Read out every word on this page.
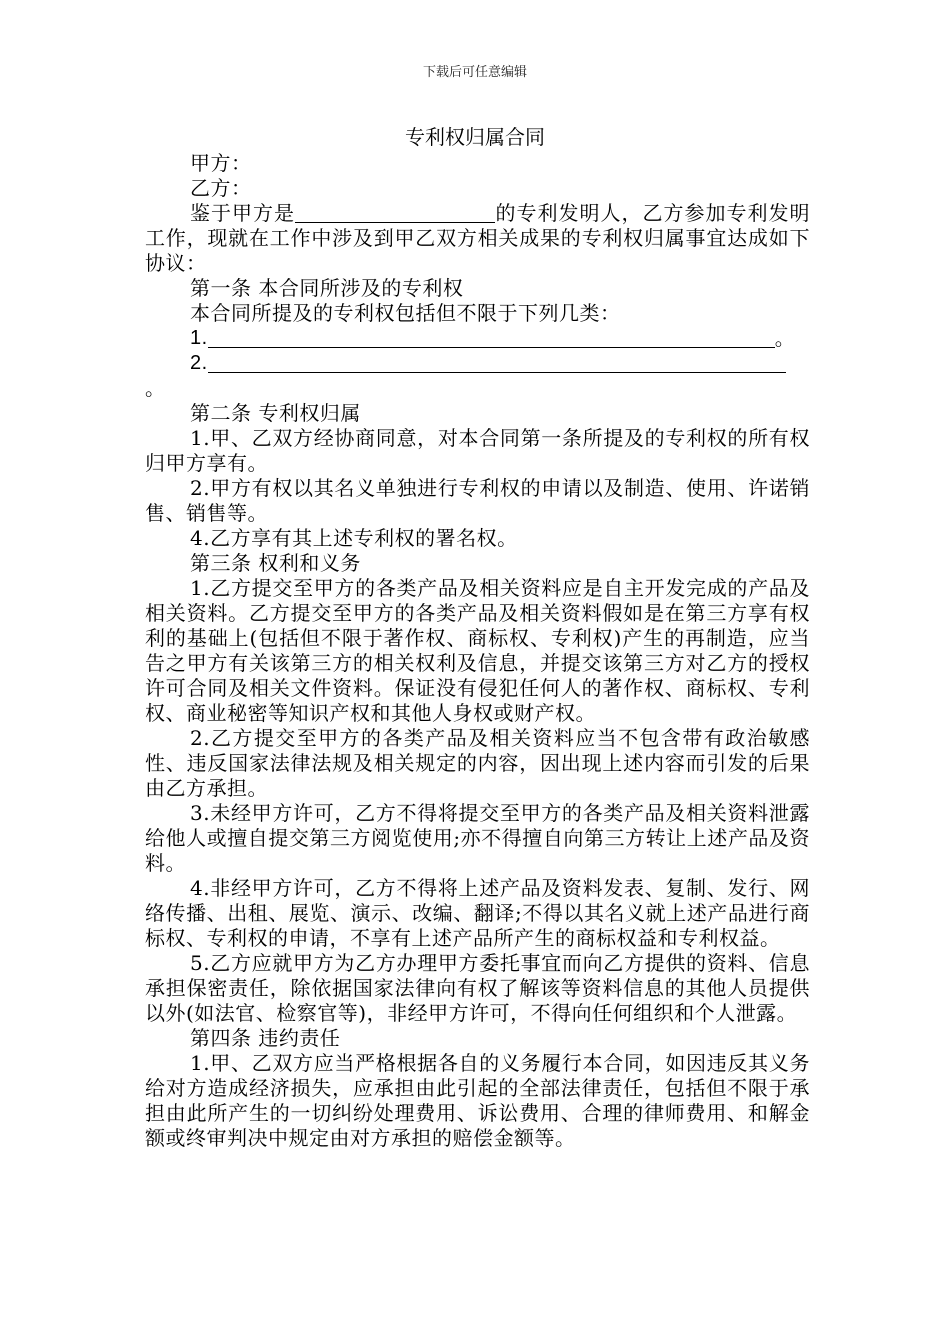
下载后可任意编辑
专利权归属合同

甲方：

乙方：

鉴于甲方是	的专利发明人，乙方参加专利发明工作，现就在工作中涉及到甲乙双方相关成果的专利权归属事宜达成如下协议：

第一条 本合同所涉及的专利权

本合同所提及的专利权包括但不限于下列几类：

1.	。
2.

。

第二条 专利权归属

1.甲、乙双方经协商同意，对本合同第一条所提及的专利权的所有权归甲方享有。

2.甲方有权以其名义单独进行专利权的申请以及制造、使用、许诺销售、销售等。

4.乙方享有其上述专利权的署名权。

第三条 权利和义务

1.乙方提交至甲方的各类产品及相关资料应是自主开发完成的产品及相关资料。乙方提交至甲方的各类产品及相关资料假如是在第三方享有权利的基础上(包括但不限于著作权、商标权、专利权)产生的再制造，应当告之甲方有关该第三方的相关权利及信息，并提交该第三方对乙方的授权许可合同及相关文件资料。保证没有侵犯任何人的著作权、商标权、专利权、商业秘密等知识产权和其他人身权或财产权。

2.乙方提交至甲方的各类产品及相关资料应当不包含带有政治敏感性、违反国家法律法规及相关规定的内容，因出现上述内容而引发的后果由乙方承担。

3.未经甲方许可，乙方不得将提交至甲方的各类产品及相关资料泄露给他人或擅自提交第三方阅览使用;亦不得擅自向第三方转让上述产品及资料。

4.非经甲方许可，乙方不得将上述产品及资料发表、复制、发行、网络传播、出租、展览、演示、改编、翻译;不得以其名义就上述产品进行商标权、专利权的申请，不享有上述产品所产生的商标权益和专利权益。

5.乙方应就甲方为乙方办理甲方委托事宜而向乙方提供的资料、信息承担保密责任，除依据国家法律向有权了解该等资料信息的其他人员提供以外(如法官、检察官等)，非经甲方许可，不得向任何组织和个人泄露。

第四条 违约责任

1.甲、乙双方应当严格根据各自的义务履行本合同，如因违反其义务给对方造成经济损失，应承担由此引起的全部法律责任，包括但不限于承担由此所产生的一切纠纷处理费用、诉讼费用、合理的律师费用、和解金额或终审判决中规定由对方承担的赔偿金额等。
